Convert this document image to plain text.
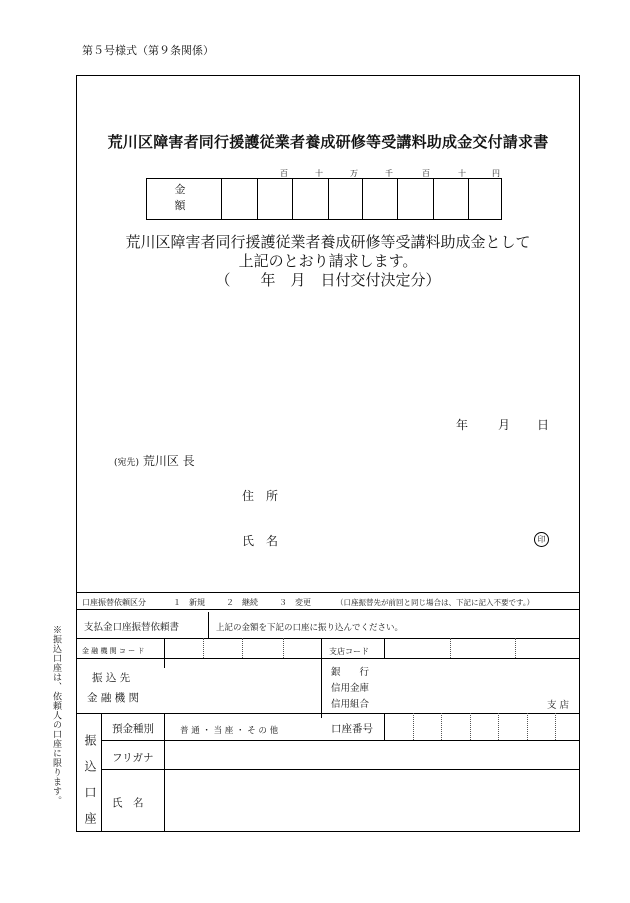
第５号様式（第９条関係）
※振込口座は、依頼人の口座に限ります。
荒川区障害者同行援護従業者養成研修等受講料助成金交付請求書
百	十	万	千	百	十	円
金　額
荒川区障害者同行援護従業者養成研修等受講料助成金として
上記のとおり請求します。
（　　年　月　日付交付決定分）
年 月 日
(宛先) 荒川区 長
住　所
氏　名	印
口座振替依頼区分	１　新規	２　継続	３　変更	（口座振替先が前回と同じ場合は、下記に記入不要です。）
支払金口座振替依頼書	上記の金額を下記の口座に振り込んでください。
金 融 機 関 コ ー ド	支店コード
振 込 先
金 融 機 関
銀　　行
信用金庫
信用組合	支 店
振込口座
預金種別	普 通 ・ 当 座 ・ そ の 他	口座番号
フリガナ
氏　名
